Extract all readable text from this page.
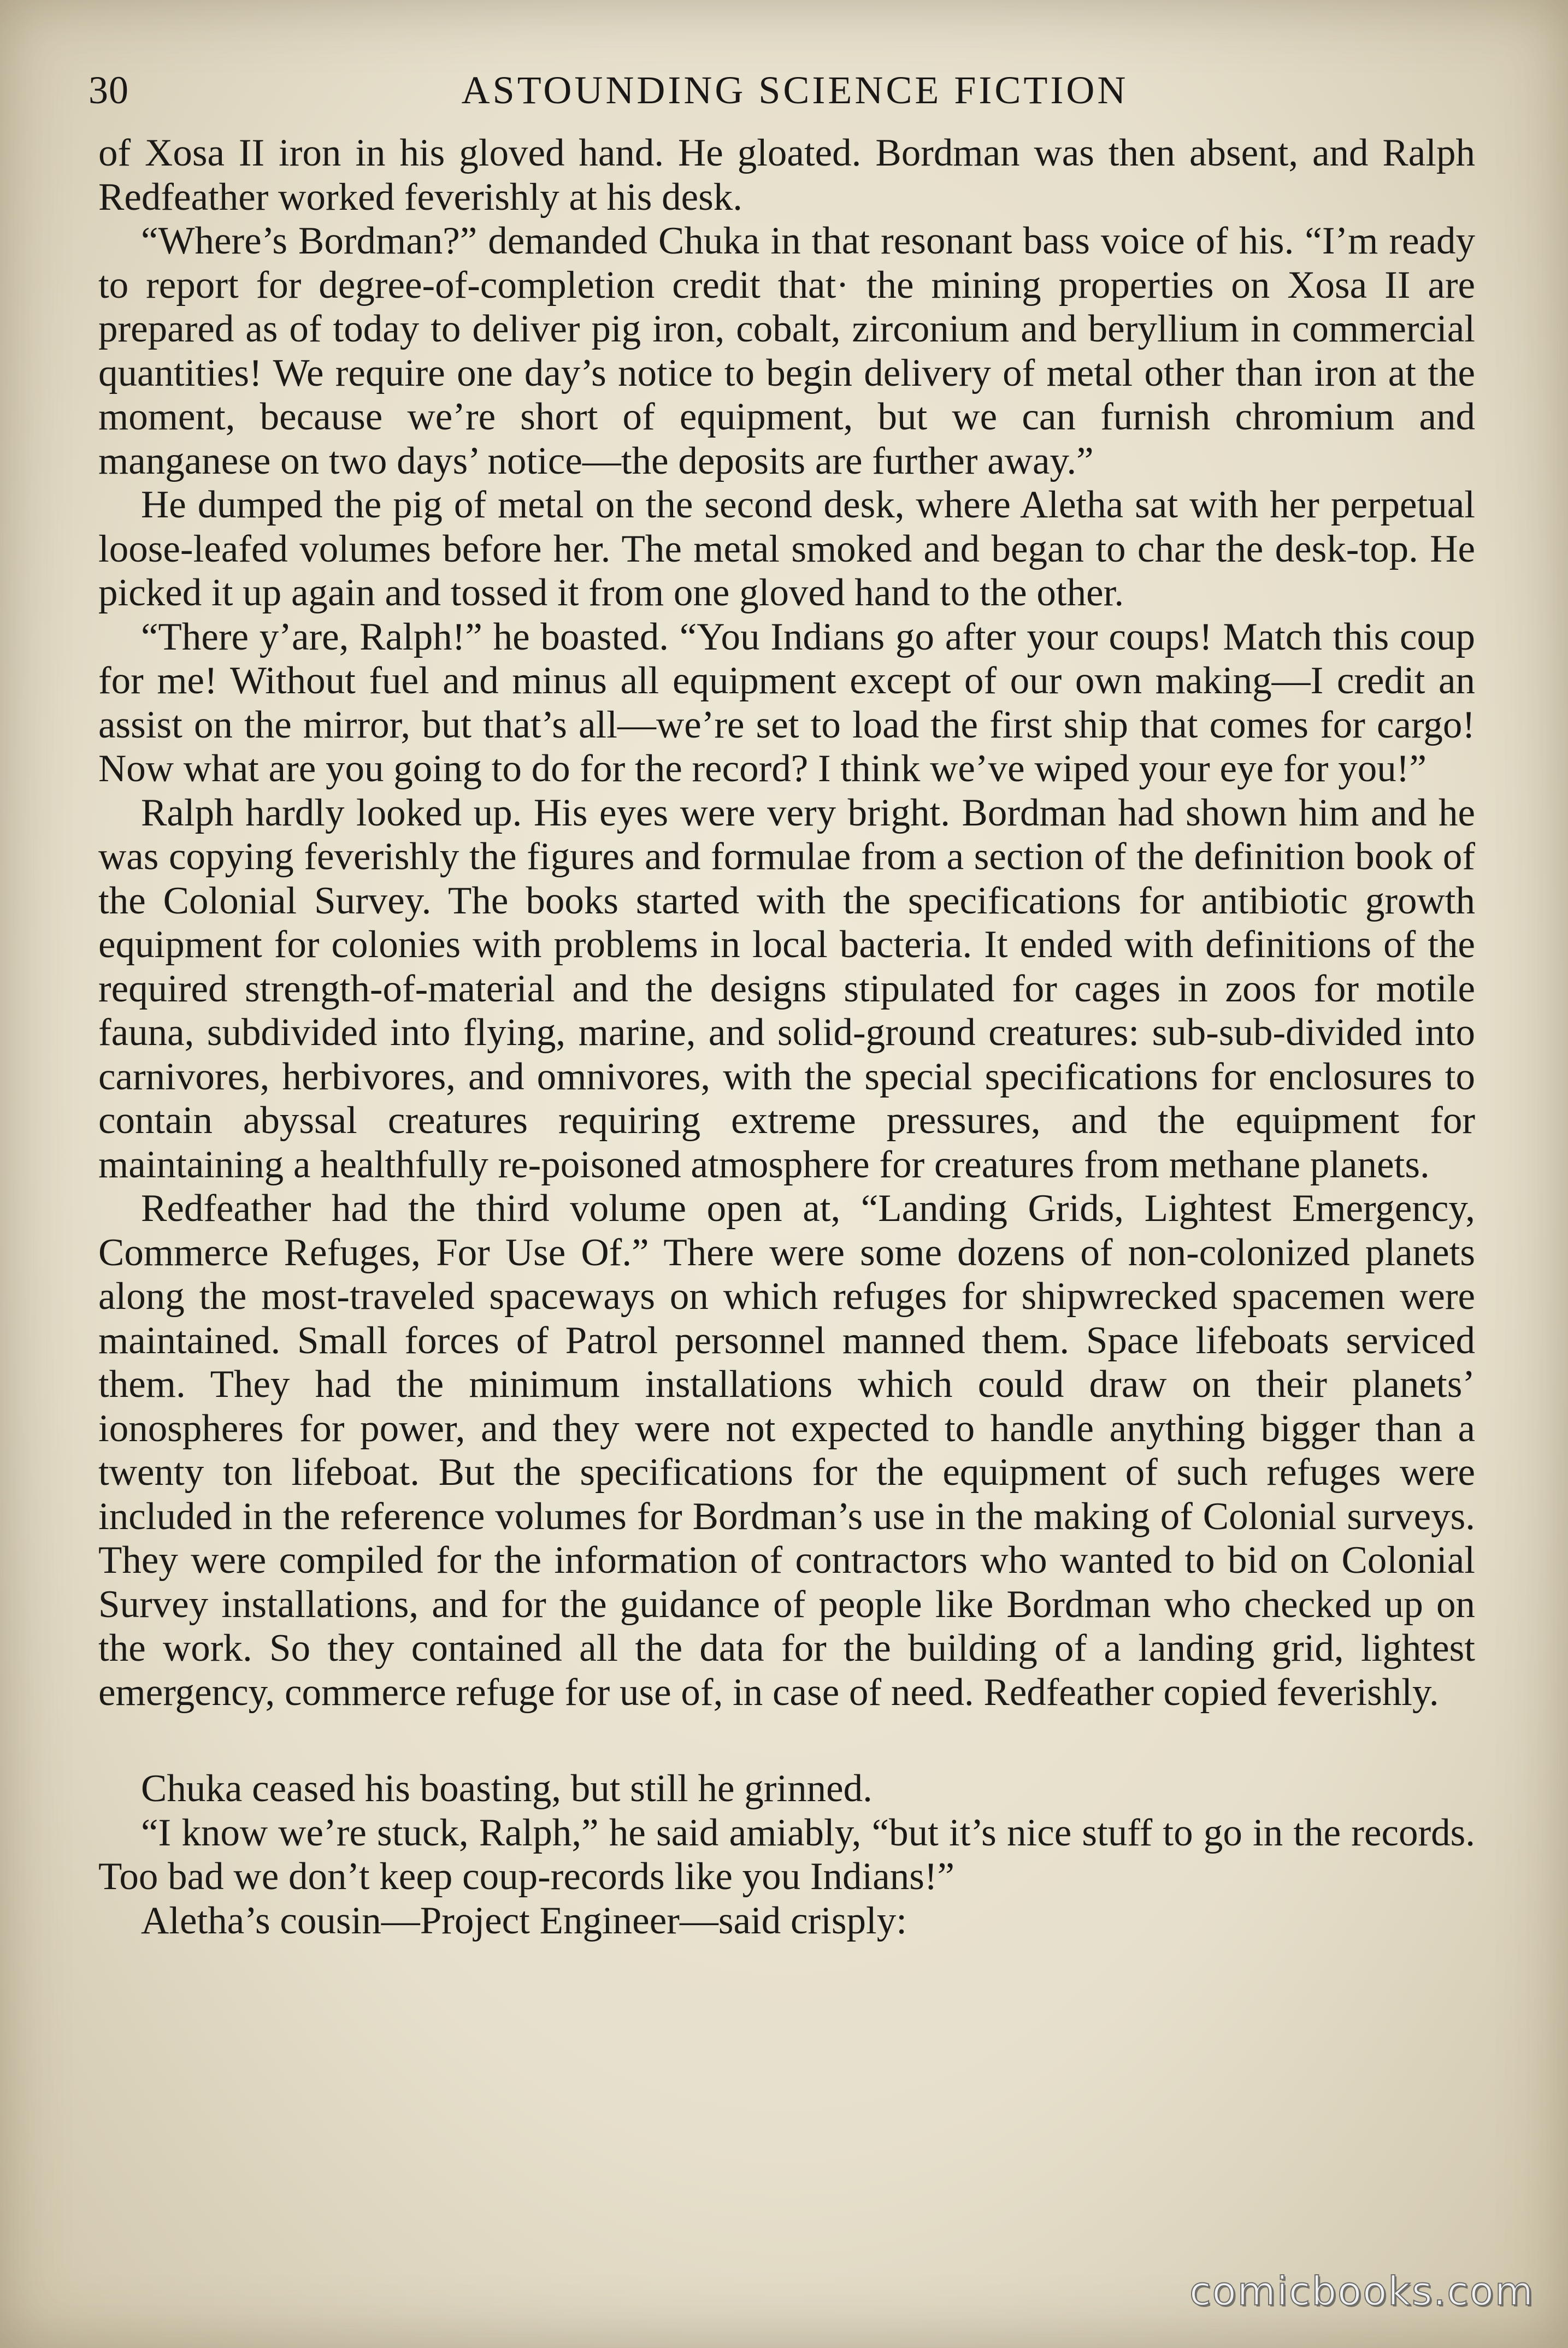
30	ASTOUNDING SCIENCE FICTION

of Xosa II iron in his gloved hand. He gloated. Bordman was then absent, and Ralph Redfeather worked feverishly at his desk.

“Where’s Bordman?” demanded Chuka in that resonant bass voice of his. “I’m ready to report for degree-of-completion credit that· the mining properties on Xosa II are prepared as of today to deliver pig iron, cobalt, zirconium and beryllium in commercial quantities! We require one day’s notice to begin delivery of metal other than iron at the moment, because we’re short of equipment, but we can furnish chromium and manganese on two days’ notice—the deposits are further away.”

He dumped the pig of metal on the second desk, where Aletha sat with her perpetual loose-leafed volumes before her. The metal smoked and began to char the desk-top. He picked it up again and tossed it from one gloved hand to the other.

“There y’are, Ralph!” he boasted. “You Indians go after your coups! Match this coup for me! Without fuel and minus all equipment except of our own making—I credit an assist on the mirror, but that’s all—we’re set to load the first ship that comes for cargo! Now what are you going to do for the record? I think we’ve wiped your eye for you!”

Ralph hardly looked up. His eyes were very bright. Bordman had shown him and he was copying feverishly the figures and formulae from a section of the definition book of the Colonial Survey. The books started with the specifications for antibiotic growth equipment for colonies with problems in local bacteria. It ended with definitions of the required strength-of-material and the designs stipulated for cages in zoos for motile fauna, subdivided into flying, marine, and solid-ground creatures: sub-sub-divided into carnivores, herbivores, and omnivores, with the special specifications for enclosures to contain abyssal creatures requiring extreme pressures, and the equipment for maintaining a healthfully re-poisoned atmosphere for creatures from methane planets.

Redfeather had the third volume open at, “Landing Grids, Lightest Emergency, Commerce Refuges, For Use Of.” There were some dozens of non-colonized planets along the most-traveled spaceways on which refuges for shipwrecked spacemen were maintained. Small forces of Patrol personnel manned them. Space lifeboats serviced them. They had the minimum installations which could draw on their planets’ ionospheres for power, and they were not expected to handle anything bigger than a twenty ton lifeboat. But the specifications for the equipment of such refuges were included in the reference volumes for Bordman’s use in the making of Colonial surveys. They were compiled for the information of contractors who wanted to bid on Colonial Survey installations, and for the guidance of people like Bordman who checked up on the work. So they contained all the data for the building of a landing grid, lightest emergency, commerce refuge for use of, in case of need. Redfeather copied feverishly.

Chuka ceased his boasting, but still he grinned.

“I know we’re stuck, Ralph,” he said amiably, “but it’s nice stuff to go in the records. Too bad we don’t keep coup-records like you Indians!”

Aletha’s cousin—Project Engineer—said crisply:

comicbooks.com
